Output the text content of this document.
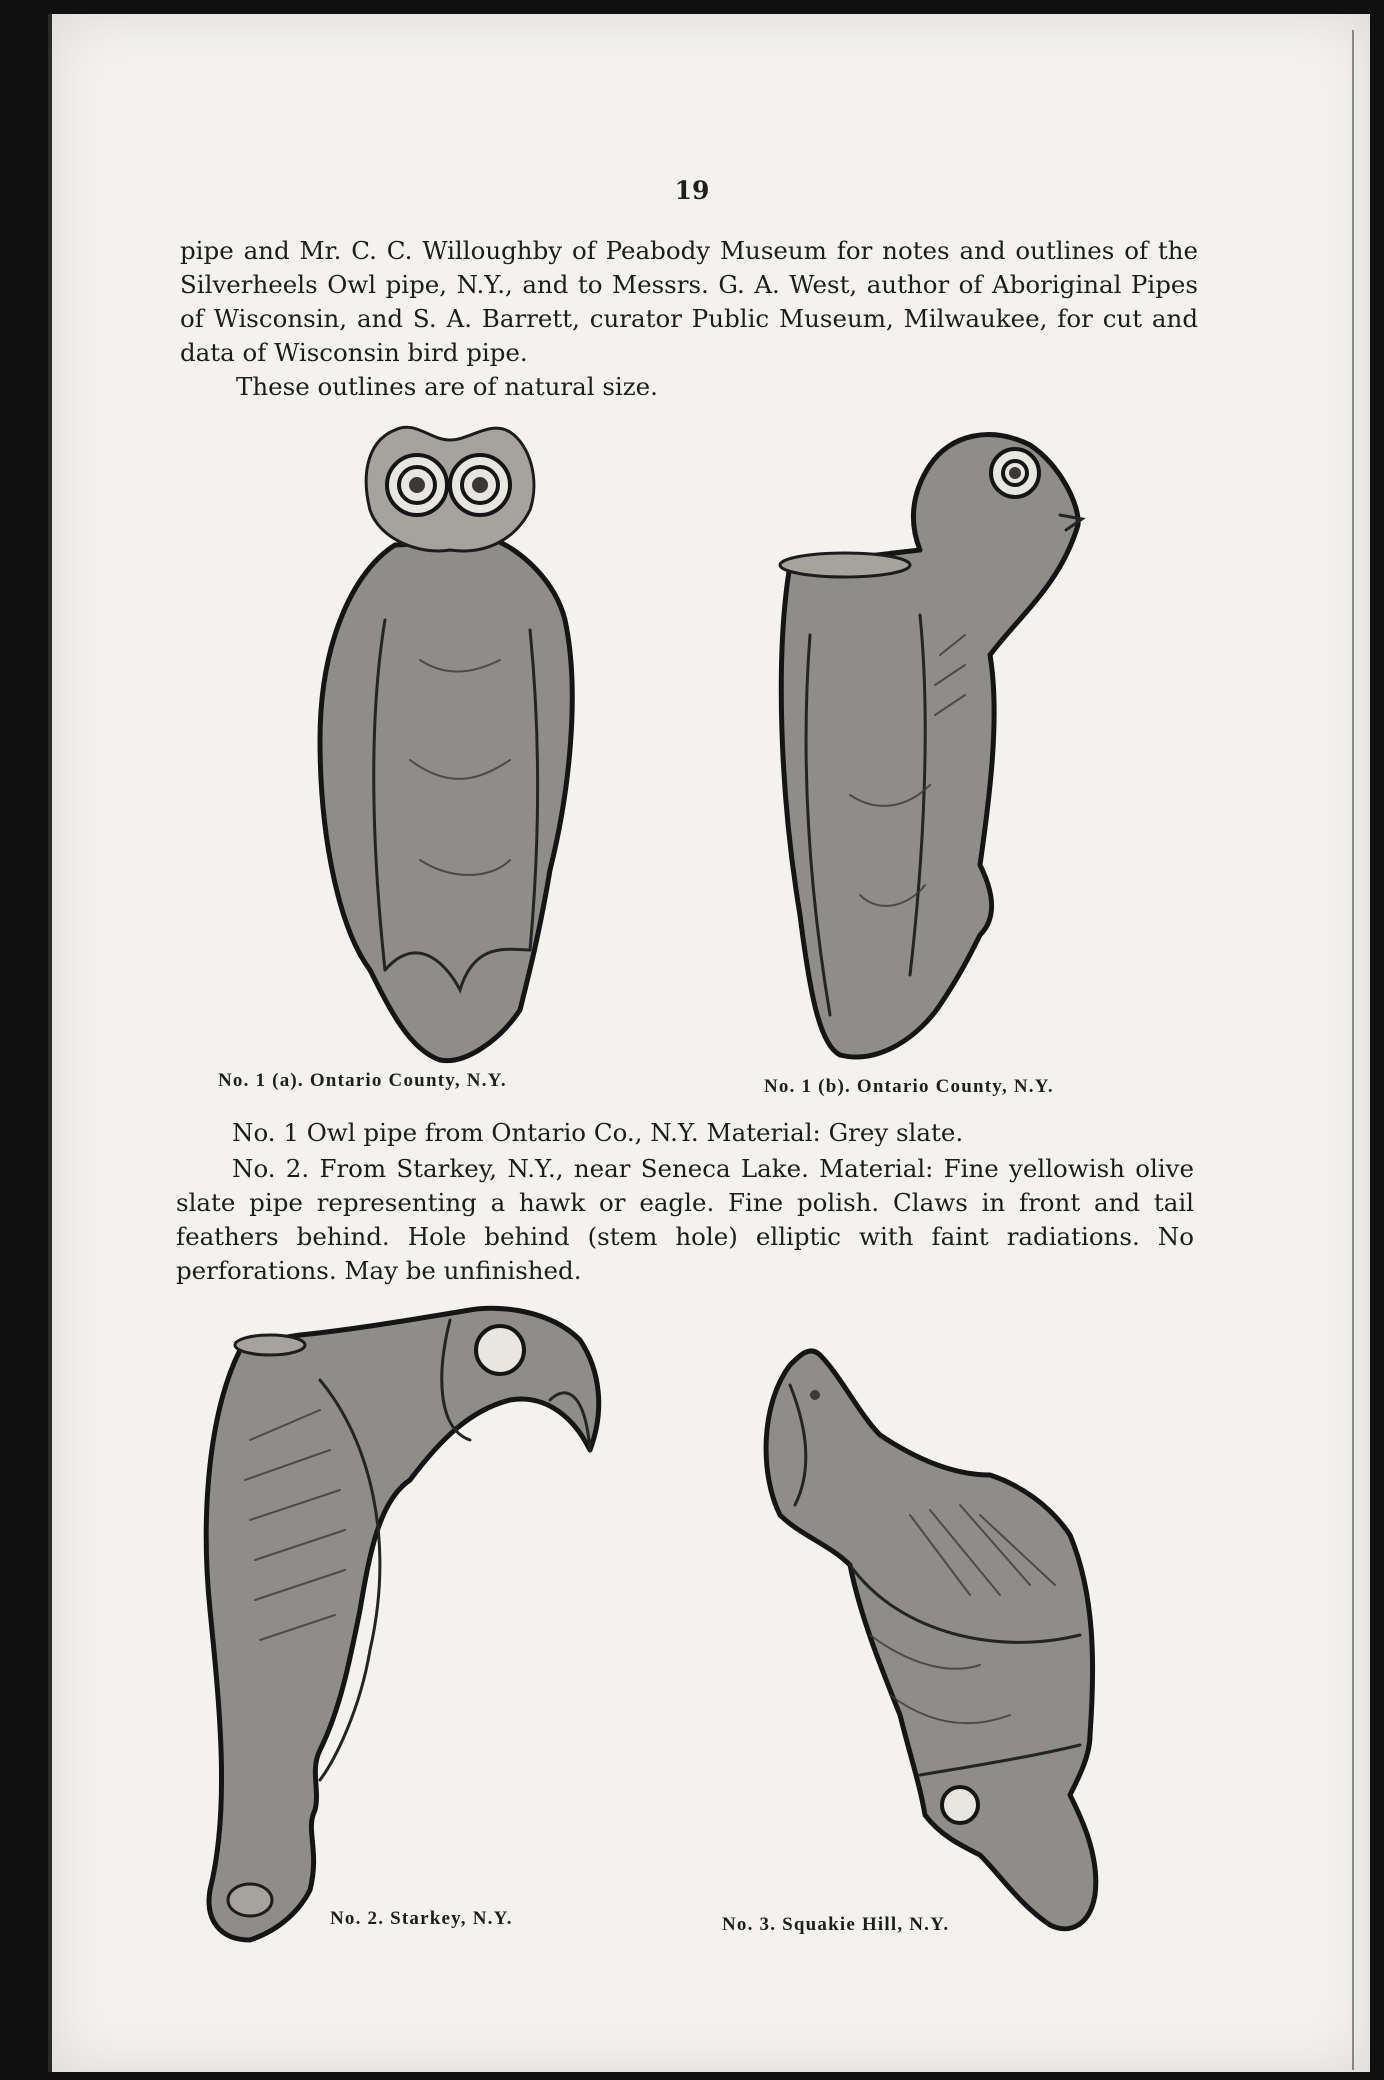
19
pipe and Mr. C. C. Willoughby of Peabody Museum for notes and outlines of the Silverheels Owl pipe, N.Y., and to Messrs. G. A. West, author of Aboriginal Pipes of Wisconsin, and S. A. Barrett, curator Public Museum, Milwaukee, for cut and data of Wisconsin bird pipe.
These outlines are of natural size.
No. 1 (a). Ontario County, N.Y.	No. 1 (b). Ontario County, N.Y.
No. 1 Owl pipe from Ontario Co., N.Y. Material: Grey slate.
No. 2. From Starkey, N.Y., near Seneca Lake. Material: Fine yellowish olive slate pipe representing a hawk or eagle. Fine polish. Claws in front and tail feathers behind. Hole behind (stem hole) elliptic with faint radiations. No perforations. May be unfinished.
No. 2. Starkey, N.Y.	No. 3. Squakie Hill, N.Y.
